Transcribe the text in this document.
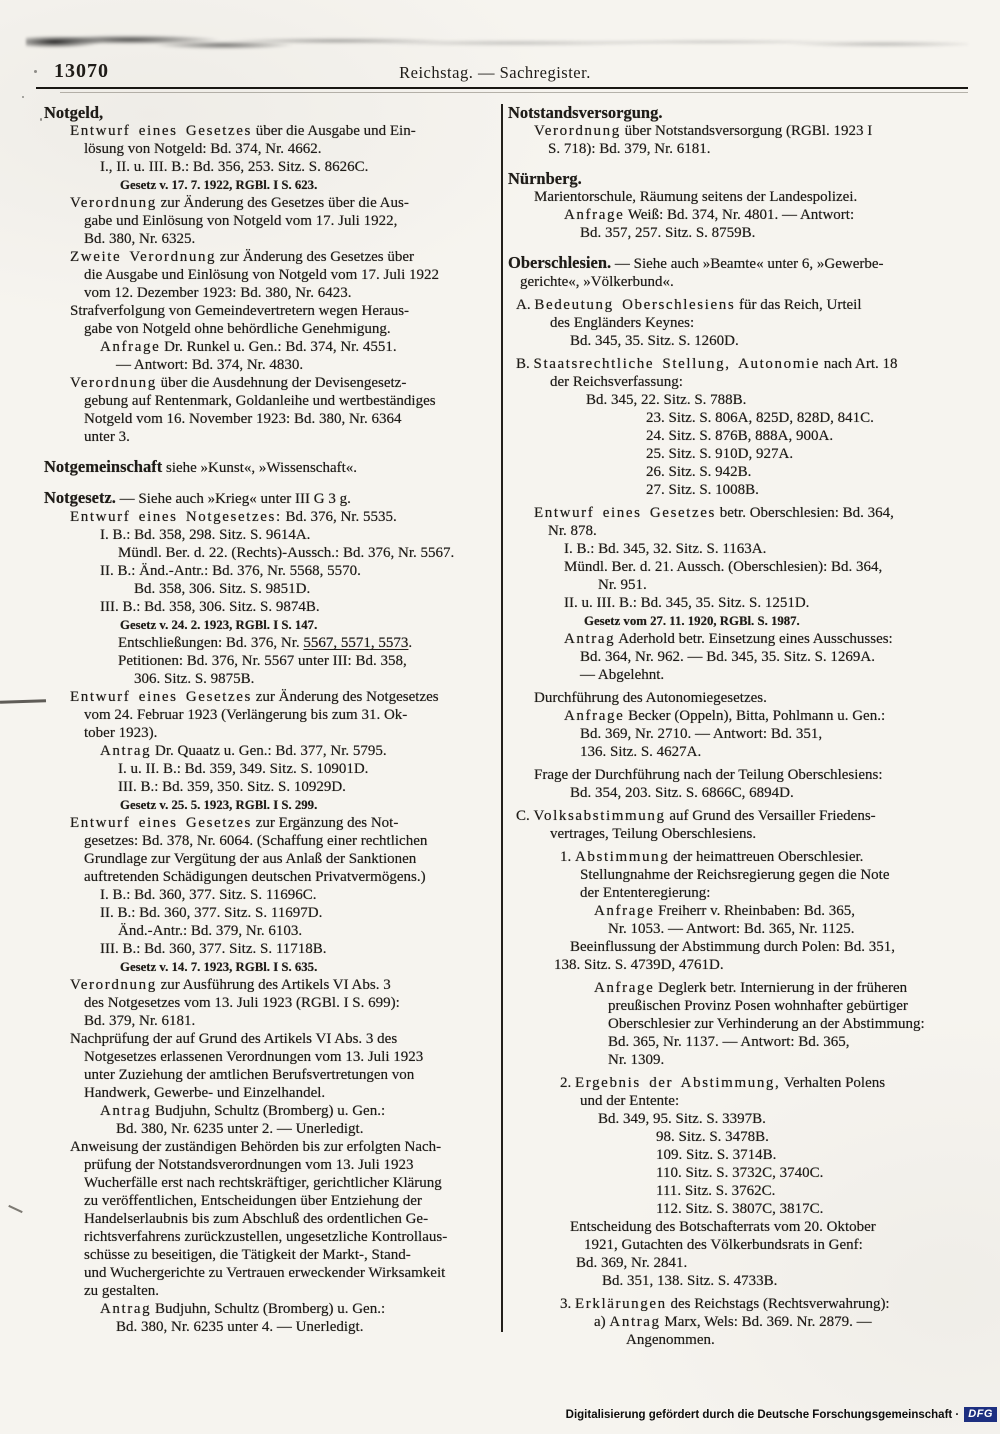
13070	Reichstag. — Sachregister.
Notgeld,
Entwurf eines Gesetzes über die Ausgabe und Ein-
lösung von Notgeld: Bd. 374, Nr. 4662.
I., II. u. III. B.: Bd. 356, 253. Sitz. S. 8626C.
Gesetz v. 17. 7. 1922, RGBl. I S. 623.
Verordnung zur Änderung des Gesetzes über die Aus-
gabe und Einlösung von Notgeld vom 17. Juli 1922,
Bd. 380, Nr. 6325.
Zweite Verordnung zur Änderung des Gesetzes über
die Ausgabe und Einlösung von Notgeld vom 17. Juli 1922
vom 12. Dezember 1923: Bd. 380, Nr. 6423.
Strafverfolgung von Gemeindevertretern wegen Heraus-
gabe von Notgeld ohne behördliche Genehmigung.
Anfrage Dr. Runkel u. Gen.: Bd. 374, Nr. 4551.
— Antwort: Bd. 374, Nr. 4830.
Verordnung über die Ausdehnung der Devisengesetz-
gebung auf Rentenmark, Goldanleihe und wertbeständiges
Notgeld vom 16. November 1923: Bd. 380, Nr. 6364
unter 3.
Notgemeinschaft siehe »Kunst«, »Wissenschaft«.
Notgesetz. — Siehe auch »Krieg« unter III G 3 g.
Entwurf eines Notgesetzes: Bd. 376, Nr. 5535.
I. B.: Bd. 358, 298. Sitz. S. 9614A.
Mündl. Ber. d. 22. (Rechts)-Aussch.: Bd. 376, Nr. 5567.
II. B.: Änd.-Antr.: Bd. 376, Nr. 5568, 5570.
Bd. 358, 306. Sitz. S. 9851D.
III. B.: Bd. 358, 306. Sitz. S. 9874B.
Gesetz v. 24. 2. 1923, RGBl. I S. 147.
Entschließungen: Bd. 376, Nr. 5567, 5571, 5573.
Petitionen: Bd. 376, Nr. 5567 unter III: Bd. 358,
306. Sitz. S. 9875B.
Entwurf eines Gesetzes zur Änderung des Notgesetzes
vom 24. Februar 1923 (Verlängerung bis zum 31. Ok-
tober 1923).
Antrag Dr. Quaatz u. Gen.: Bd. 377, Nr. 5795.
I. u. II. B.: Bd. 359, 349. Sitz. S. 10901D.
III. B.: Bd. 359, 350. Sitz. S. 10929D.
Gesetz v. 25. 5. 1923, RGBl. I S. 299.
Entwurf eines Gesetzes zur Ergänzung des Not-
gesetzes: Bd. 378, Nr. 6064. (Schaffung einer rechtlichen
Grundlage zur Vergütung der aus Anlaß der Sanktionen
auftretenden Schädigungen deutschen Privatvermögens.)
I. B.: Bd. 360, 377. Sitz. S. 11696C.
II. B.: Bd. 360, 377. Sitz. S. 11697D.
Änd.-Antr.: Bd. 379, Nr. 6103.
III. B.: Bd. 360, 377. Sitz. S. 11718B.
Gesetz v. 14. 7. 1923, RGBl. I S. 635.
Verordnung zur Ausführung des Artikels VI Abs. 3
des Notgesetzes vom 13. Juli 1923 (RGBl. I S. 699):
Bd. 379, Nr. 6181.
Nachprüfung der auf Grund des Artikels VI Abs. 3 des
Notgesetzes erlassenen Verordnungen vom 13. Juli 1923
unter Zuziehung der amtlichen Berufsvertretungen von
Handwerk, Gewerbe- und Einzelhandel.
Antrag Budjuhn, Schultz (Bromberg) u. Gen.:
Bd. 380, Nr. 6235 unter 2. — Unerledigt.
Anweisung der zuständigen Behörden bis zur erfolgten Nach-
prüfung der Notstandsverordnungen vom 13. Juli 1923
Wucherfälle erst nach rechtskräftiger, gerichtlicher Klärung
zu veröffentlichen, Entscheidungen über Entziehung der
Handelserlaubnis bis zum Abschluß des ordentlichen Ge-
richtsverfahrens zurückzustellen, ungesetzliche Kontrollaus-
schüsse zu beseitigen, die Tätigkeit der Markt-, Stand-
und Wuchergerichte zu Vertrauen erweckender Wirksamkeit
zu gestalten.
Antrag Budjuhn, Schultz (Bromberg) u. Gen.:
Bd. 380, Nr. 6235 unter 4. — Unerledigt.
Notstandsversorgung.
Verordnung über Notstandsversorgung (RGBl. 1923 I
S. 718): Bd. 379, Nr. 6181.
Nürnberg.
Marientorschule, Räumung seitens der Landespolizei.
Anfrage Weiß: Bd. 374, Nr. 4801. — Antwort:
Bd. 357, 257. Sitz. S. 8759B.
Oberschlesien. — Siehe auch »Beamte« unter 6, »Gewerbe-
gerichte«, »Völkerbund«.
A. Bedeutung Oberschlesiens für das Reich, Urteil
des Engländers Keynes:
Bd. 345, 35. Sitz. S. 1260D.
B. Staatsrechtliche Stellung, Autonomie nach Art. 18
der Reichsverfassung:
Bd. 345, 22. Sitz. S. 788B.
23. Sitz. S. 806A, 825D, 828D, 841C.
24. Sitz. S. 876B, 888A, 900A.
25. Sitz. S. 910D, 927A.
26. Sitz. S. 942B.
27. Sitz. S. 1008B.
Entwurf eines Gesetzes betr. Oberschlesien: Bd. 364,
Nr. 878.
I. B.: Bd. 345, 32. Sitz. S. 1163A.
Mündl. Ber. d. 21. Aussch. (Oberschlesien): Bd. 364,
Nr. 951.
II. u. III. B.: Bd. 345, 35. Sitz. S. 1251D.
Gesetz vom 27. 11. 1920, RGBl. S. 1987.
Antrag Aderhold betr. Einsetzung eines Ausschusses:
Bd. 364, Nr. 962. — Bd. 345, 35. Sitz. S. 1269A.
— Abgelehnt.
Durchführung des Autonomiegesetzes.
Anfrage Becker (Oppeln), Bitta, Pohlmann u. Gen.:
Bd. 369, Nr. 2710. — Antwort: Bd. 351,
136. Sitz. S. 4627A.
Frage der Durchführung nach der Teilung Oberschlesiens:
Bd. 354, 203. Sitz. S. 6866C, 6894D.
C. Volksabstimmung auf Grund des Versailler Friedens-
vertrages, Teilung Oberschlesiens.
1. Abstimmung der heimattreuen Oberschlesier.
Stellungnahme der Reichsregierung gegen die Note
der Ententeregierung:
Anfrage Freiherr v. Rheinbaben: Bd. 365,
Nr. 1053. — Antwort: Bd. 365, Nr. 1125.
Beeinflussung der Abstimmung durch Polen: Bd. 351,
138. Sitz. S. 4739D, 4761D.
Anfrage Deglerk betr. Internierung in der früheren
preußischen Provinz Posen wohnhafter gebürtiger
Oberschlesier zur Verhinderung an der Abstimmung:
Bd. 365, Nr. 1137. — Antwort: Bd. 365,
Nr. 1309.
2. Ergebnis der Abstimmung, Verhalten Polens
und der Entente:
Bd. 349, 95. Sitz. S. 3397B.
98. Sitz. S. 3478B.
109. Sitz. S. 3714B.
110. Sitz. S. 3732C, 3740C.
111. Sitz. S. 3762C.
112. Sitz. S. 3807C, 3817C.
Entscheidung des Botschafterrats vom 20. Oktober
1921, Gutachten des Völkerbundsrats in Genf:
Bd. 369, Nr. 2841.
Bd. 351, 138. Sitz. S. 4733B.
3. Erklärungen des Reichstags (Rechtsverwahrung):
a) Antrag Marx, Wels: Bd. 369. Nr. 2879. —
Angenommen.
Digitalisierung gefördert durch die Deutsche Forschungsgemeinschaft · DFG
